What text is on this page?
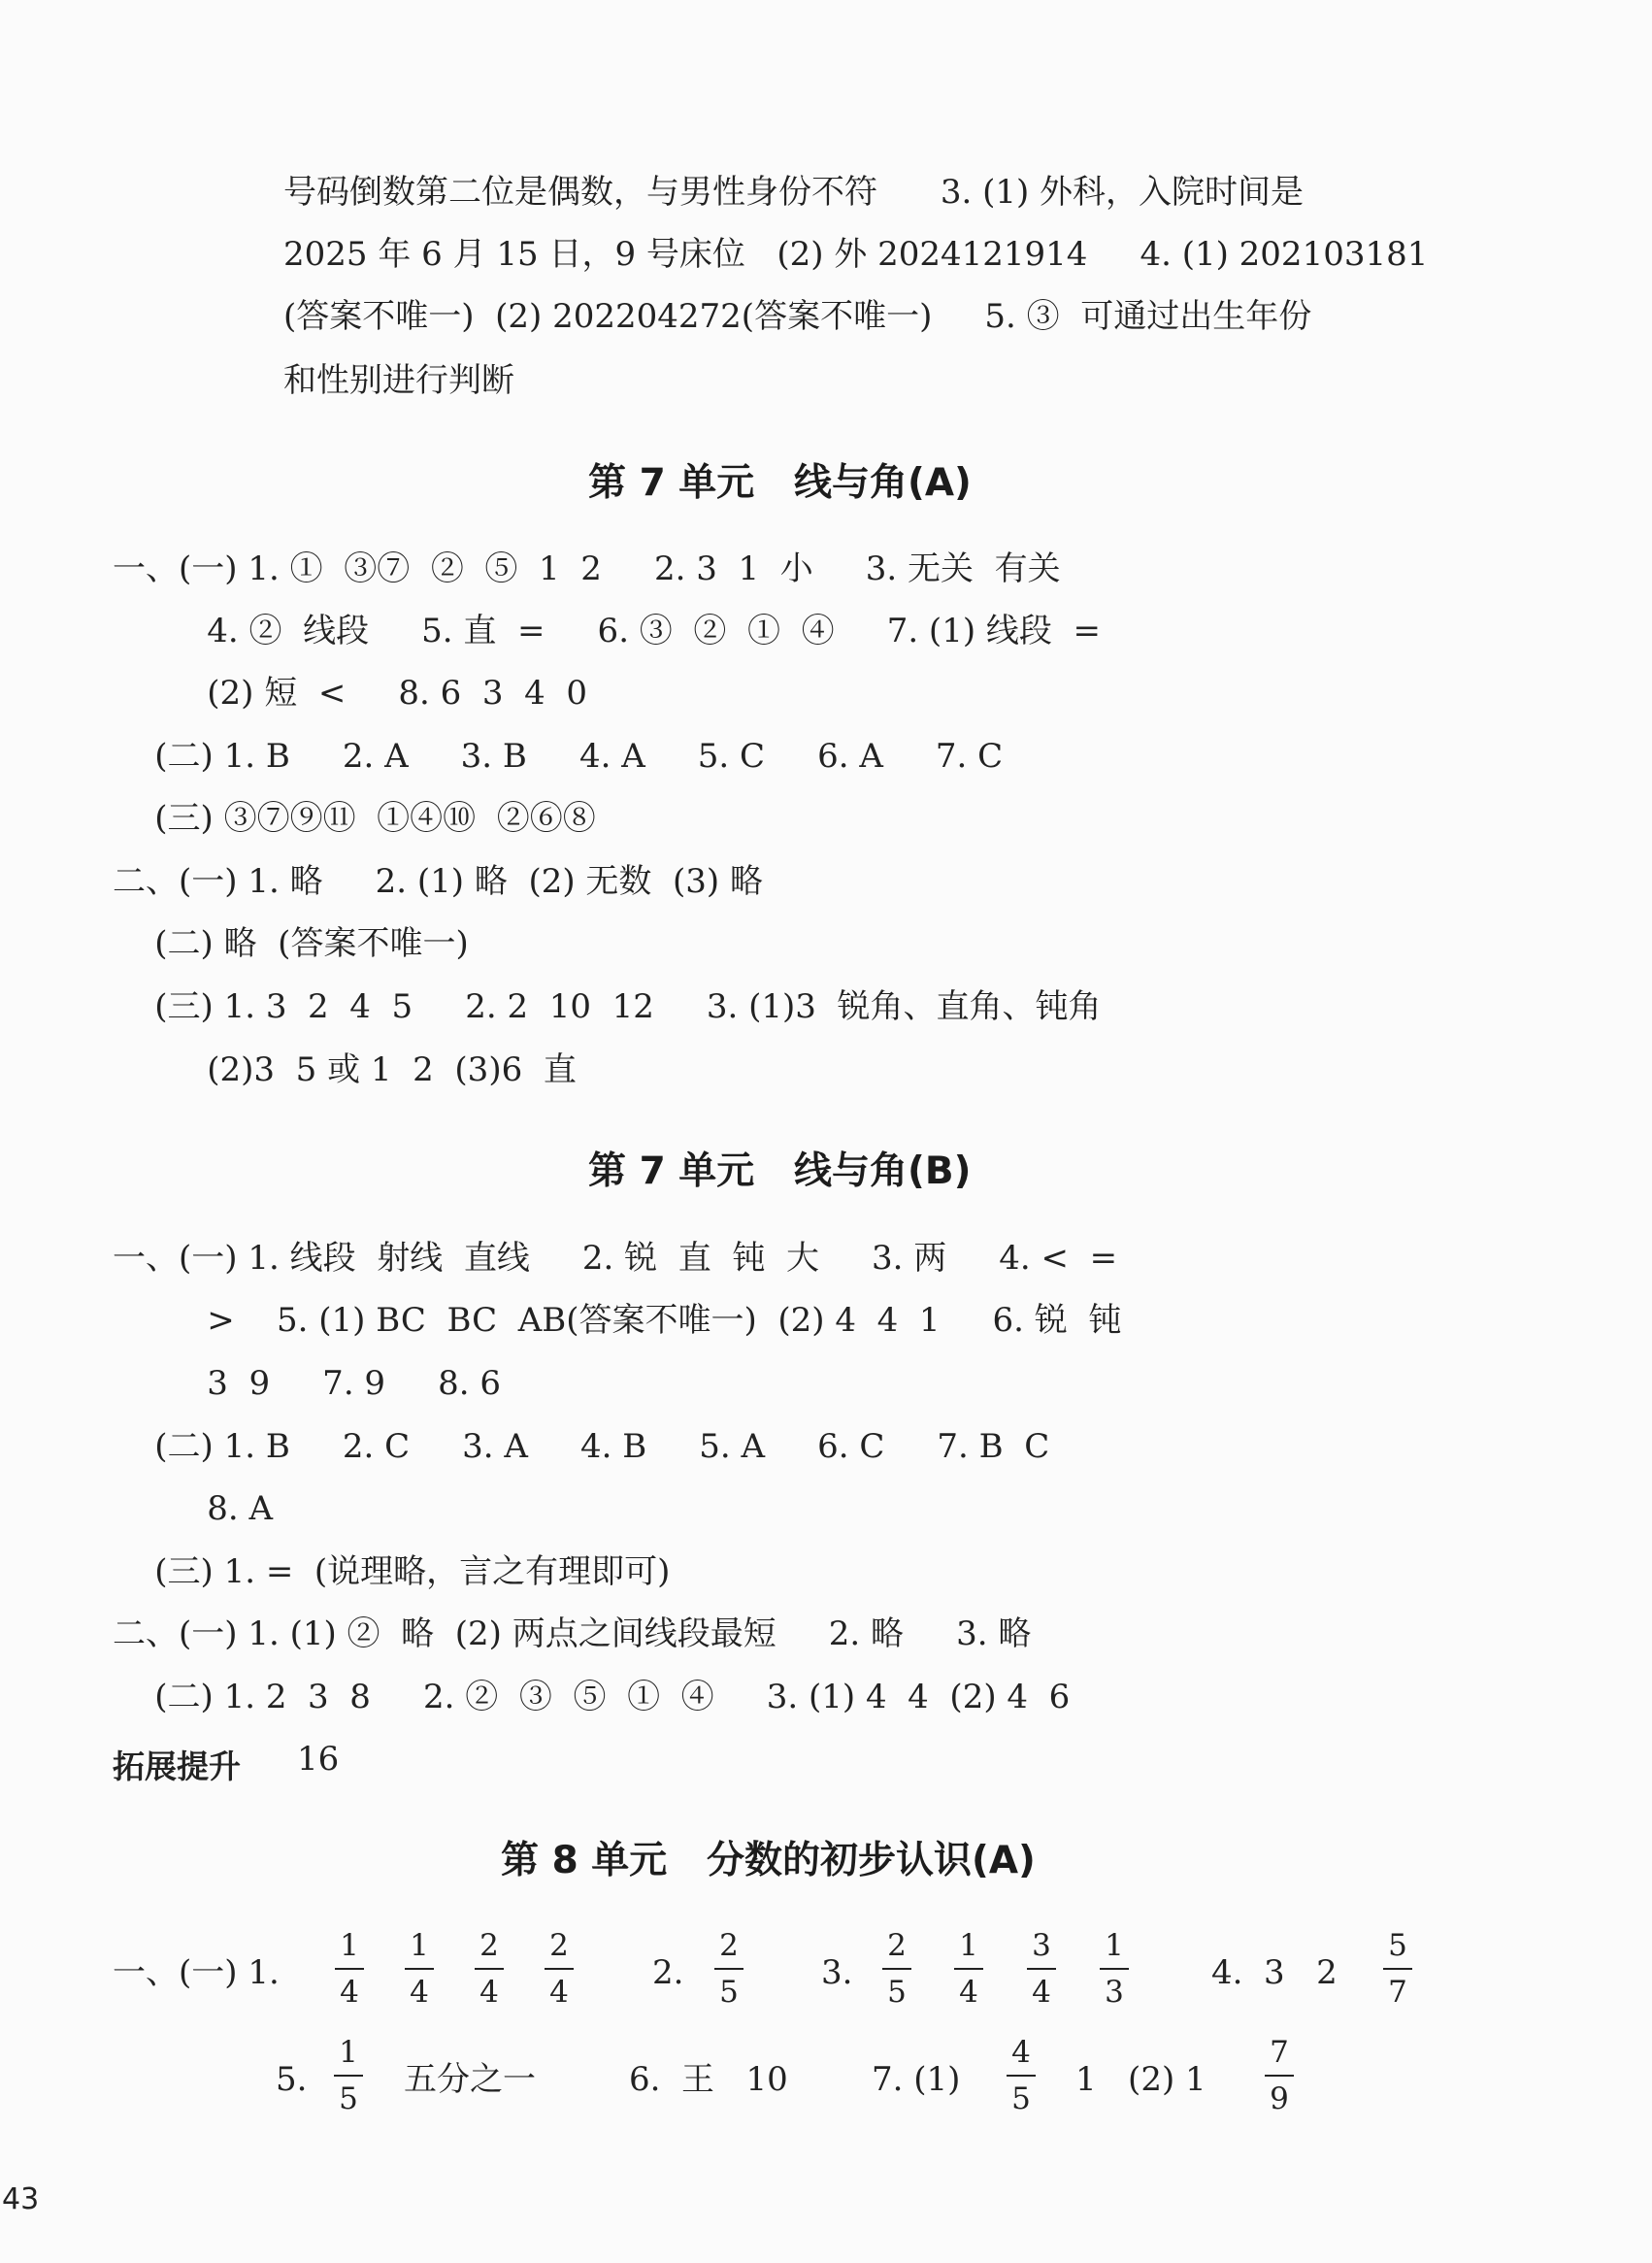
号码倒数第二位是偶数，与男性身份不符      3. (1) 外科，入院时间是
2025 年 6 月 15 日，9 号床位   (2) 外 2024121914     4. (1) 202103181
(答案不唯一)  (2) 202204272(答案不唯一)     5. ③  可通过出生年份
和性别进行判断
第 7 单元   线与角(A)
一、(一) 1. ①  ③⑦  ②  ⑤  1  2     2. 3  1  小     3. 无关  有关
4. ②  线段     5. 直  =     6. ③  ②  ①  ④     7. (1) 线段  =
(2) 短  <     8. 6  3  4  0
(二) 1. B     2. A     3. B     4. A     5. C     6. A     7. C
(三) ③⑦⑨⑪  ①④⑩  ②⑥⑧
二、(一) 1. 略     2. (1) 略  (2) 无数  (3) 略
(二) 略  (答案不唯一)
(三) 1. 3  2  4  5     2. 2  10  12     3. (1)3  锐角、直角、钝角
(2)3  5 或 1  2  (3)6  直
第 7 单元   线与角(B)
一、(一) 1. 线段  射线  直线     2. 锐  直  钝  大     3. 两     4. <  =
>    5. (1) BC  BC  AB(答案不唯一)  (2) 4  4  1     6. 锐  钝
3  9     7. 9     8. 6
(二) 1. B     2. C     3. A     4. B     5. A     6. C     7. B  C
8. A
(三) 1. =  (说理略，言之有理即可)
二、(一) 1. (1) ②  略  (2) 两点之间线段最短     2. 略     3. 略
(二) 1. 2  3  8     2. ②  ③  ⑤  ①  ④     3. (1) 4  4  (2) 4  6
拓展提升 16
第 8 单元   分数的初步认识(A)
一、(一) 1.
1
4
1
4
2
4
2
4	2.
2
5	3.
2
5
1
4
3
4
1
3	4.  3   2
5
7
5.
1
5 五分之一	6.  王   10	7. (1)
4
5 1   (2) 1
7
9
43
